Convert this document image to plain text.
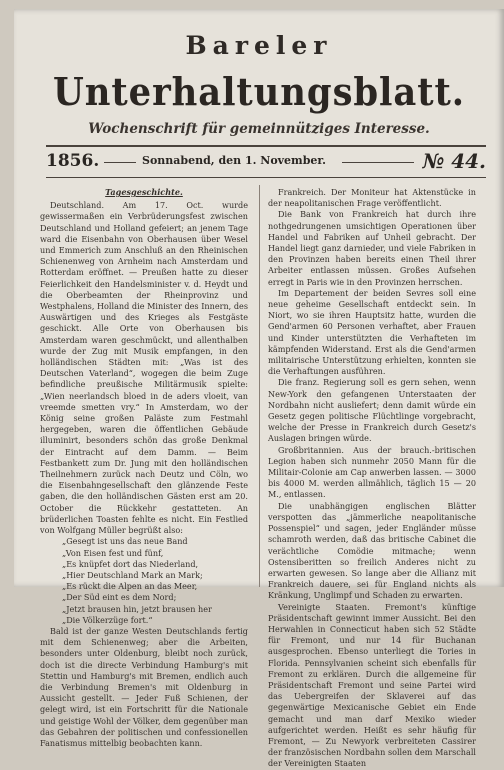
Bareler
Unterhaltungsblatt.
Wochenschrift für gemeinnütziges Interesse.
1856.	Sonnabend, den 1. November.	№ 44.

Tagesgeschichte.

Deutschland. Am 17. Oct. wurde gewissermaßen ein Verbrüderungsfest zwischen Deutschland und Holland gefeiert; an jenem Tage ward die Eisenbahn von Oberhausen über Wesel und Emmerich zum Anschluß an den Rheinischen Schienenweg von Arnheim nach Amsterdam und Rotterdam eröffnet. — Preußen hatte zu dieser Feierlichkeit den Handelsminister v. d. Heydt und die Oberbeamten der Rheinprovinz und Westphalens, Holland die Minister des Innern, des Auswärtigen und des Krieges als Festgäste geschickt. Alle Orte von Oberhausen bis Amsterdam waren geschmückt, und allenthalben wurde der Zug mit Musik empfangen, in den holländischen Städten mit: „Was ist des Deutschen Vaterland“, wogegen die beim Zuge befindliche preußische Militärmusik spielte: „Wien neerlandsch bloed in de aders vloeit, van vreemde smetten vry.“ In Amsterdam, wo der König seine großen Paläste zum Festmahl hergegeben, waren die öffentlichen Gebäude illuminirt, besonders schön das große Denkmal der Eintracht auf dem Damm. — Beim Festbankett zum Dr. Jung mit den holländischen Theilnehmern zurück nach Deutz und Cöln, wo die Eisenbahngesellschaft den glänzende Feste gaben, die den holländischen Gästen erst am 20. October die Rückkehr gestatteten. An brüderlichen Toasten fehlte es nicht. Ein Festlied von Wolfgang Müller begrüßt also:

„Gesegt ist uns das neue Band

„Von Eisen fest und fünf,

„Es knüpfet dort das Niederland,

„Hier Deutschland Mark an Mark;

„Es rückt die Alpen an das Meer,

„Der Süd eint es dem Nord;

„Jetzt brausen hin, jetzt brausen her

„Die Völkerzüge fort.“

Bald ist der ganze Westen Deutschlands fertig mit dem Schienenweg; aber die Arbeiten, besonders unter Oldenburg, bleibt noch zurück, doch ist die directe Verbindung Hamburg's mit Stettin und Hamburg's mit Bremen, endlich auch die Verbindung Bremen's mit Oldenburg in Aussicht gestellt. — Jeder Fuß Schienen, der gelegt wird, ist ein Fortschritt für die Nationale und geistige Wohl der Völker, dem gegenüber man das Gebahren der politischen und confessionellen Fanatismus mittelbig beobachten kann.

Frankreich. Der Moniteur hat Aktenstücke in der neapolitanischen Frage veröffentlicht.

Die Bank von Frankreich hat durch ihre nothgedrungenen umsichtigen Operationen über Handel und Fabriken auf Unheil gebracht. Der Handel liegt ganz darnieder, und viele Fabriken in den Provinzen haben bereits einen Theil ihrer Arbeiter entlassen müssen. Großes Aufsehen erregt in Paris wie in den Provinzen herrschen.

Im Departement der beiden Sevres soll eine neue geheime Gesellschaft entdeckt sein. In Niort, wo sie ihren Hauptsitz hatte, wurden die Gend'armen 60 Personen verhaftet, aber Frauen und Kinder unterstützten die Verhafteten im kämpfenden Widerstand. Erst als die Gend'armen militairische Unterstützung erhielten, konnten sie die Verhaftungen ausführen.

Die franz. Regierung soll es gern sehen, wenn New-York den gefangenen Unterstaaten der Nordbahn nicht ausliefert; denn damit würde ein Gesetz gegen politische Flüchtlinge vorgebracht, welche der Presse in Frankreich durch Gesetz's Auslagen bringen würde.

Großbritannien. Aus der brauch.-britischen Legion haben sich nunmehr 2050 Mann für die Militair-Colonie am Cap anwerben lassen. — 3000 bis 4000 M. werden allmählich, täglich 15 — 20 M., entlassen.

Die unabhängigen englischen Blätter verspotten das „jämmerliche neapolitanische Possenspiel“ und sagen, jeder Engländer müsse schamroth werden, daß das britische Cabinet die verächtliche Comödie mitmache; wenn Ostensiberitten so freilich Anderes nicht zu erwarten gewesen. So lange aber die Allianz mit Frankreich dauere, sei für England nichts als Kränkung, Unglimpf und Schaden zu erwarten.

Vereinigte Staaten. Fremont's künftige Präsidentschaft gewinnt immer Aussicht. Bei den Herwahlen in Connecticut haben sich 52 Städte für Fremont, und nur 14 für Buchanan ausgesprochen. Ebenso unterliegt die Tories in Florida. Pennsylvanien scheint sich ebenfalls für Fremont zu erklären. Durch die allgemeine für Präsidentschaft Fremont und seine Partei wird das Uebergreifen der Sklaverei auf das gegenwärtige Mexicanische Gebiet ein Ende gemacht und man darf Mexiko wieder aufgerichtet werden. Heißt es sehr häufig für Fremont, — Zu Newyork verbreiteten Cassirer der französischen Nordbahn sollen dem Marschall der Vereinigten Staaten
